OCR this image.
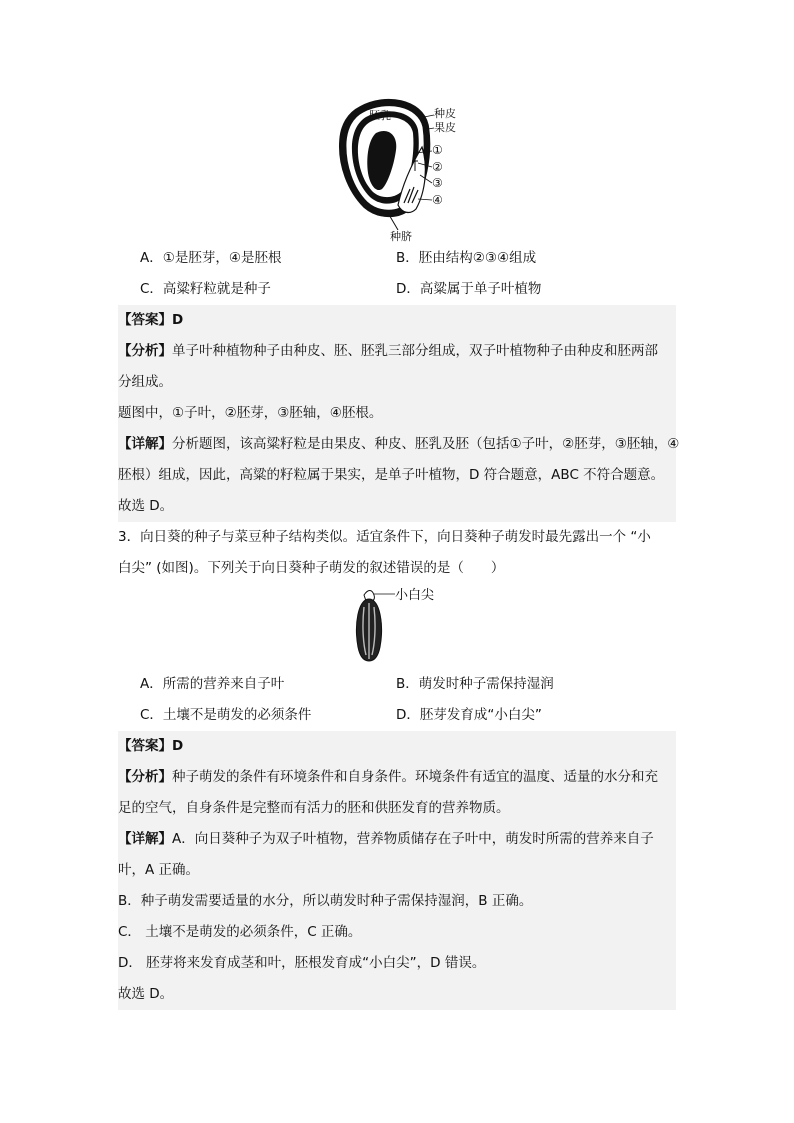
胚乳	种皮
果皮
①
②
③
④
种脐
A．①是胚芽，④是胚根	B．胚由结构②③④组成
C．高粱籽粒就是种子	D．高粱属于单子叶植物
【答案】D
【分析】单子叶种植物种子由种皮、胚、胚乳三部分组成，双子叶植物种子由种皮和胚两部
分组成。
题图中，①子叶，②胚芽，③胚轴，④胚根。
【详解】分析题图，该高粱籽粒是由果皮、种皮、胚乳及胚（包括①子叶，②胚芽，③胚轴，④
胚根）组成，因此，高粱的籽粒属于果实，是单子叶植物，D 符合题意，ABC 不符合题意。
故选 D。
3．向日葵的种子与菜豆种子结构类似。适宜条件下，向日葵种子萌发时最先露出一个 “小
白尖” (如图)。下列关于向日葵种子萌发的叙述错误的是（　　）
小白尖
A．所需的营养来自子叶	B．萌发时种子需保持湿润
C．土壤不是萌发的必须条件	D．胚芽发育成“小白尖”
【答案】D
【分析】种子萌发的条件有环境条件和自身条件。环境条件有适宜的温度、适量的水分和充
足的空气，自身条件是完整而有活力的胚和供胚发育的营养物质。
【详解】A．向日葵种子为双子叶植物，营养物质储存在子叶中，萌发时所需的营养来自子
叶，A 正确。
B．种子萌发需要适量的水分，所以萌发时种子需保持湿润，B 正确。
C． 土壤不是萌发的必须条件，C 正确。
D． 胚芽将来发育成茎和叶，胚根发育成“小白尖”，D 错误。
故选 D。
